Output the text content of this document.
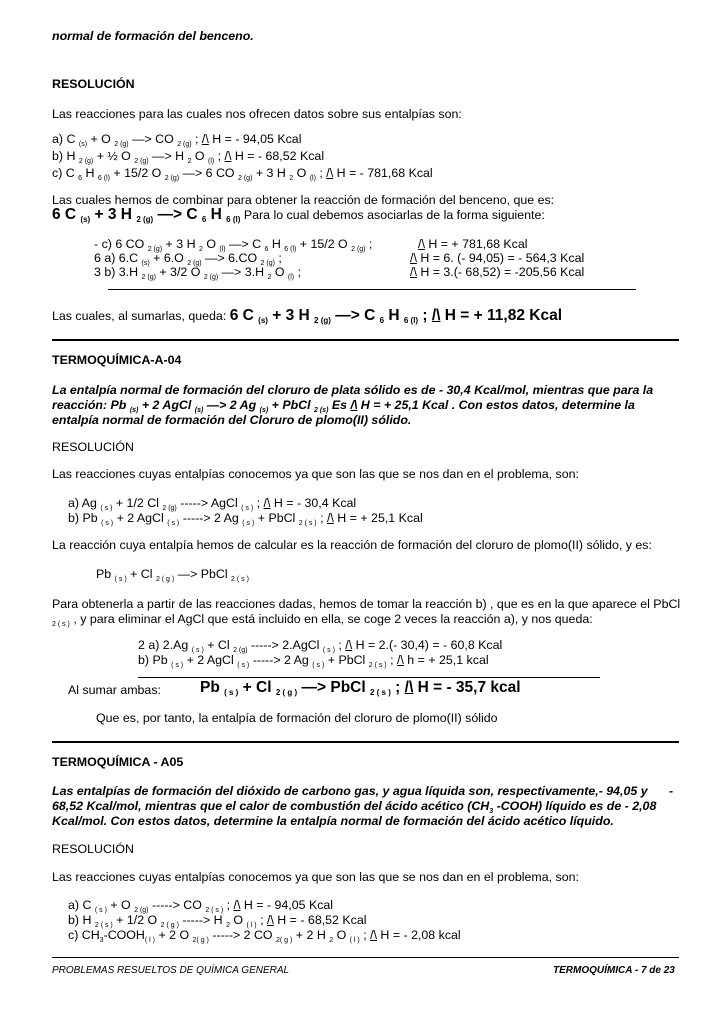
normal de formación del benceno.
RESOLUCIÓN
Las reacciones para las cuales nos ofrecen datos sobre sus entalpías son:
a) C $_{(s)}$ + O $_{2 (g)}$ —> CO $_{2 (g)}$ ; /\ H = - 94,05 Kcal
b) H $_{2 (g)}$ + ½ O $_{2 (g)}$ —> H $_2$ O $_{(l)}$ ; /\ H = - 68,52 Kcal
c) C $_6$ H $_{6 (l)}$ + 15/2 O $_{2 (g)}$ —> 6 CO $_{2 (g)}$ + 3 H $_2$ O $_{(l)}$ ; /\ H = - 781,68 Kcal
Las cuales hemos de combinar para obtener la reacción de formación del benceno, que es:
6 C (s) + 3 H 2 (g) —> C 6 H 6 (l) Para lo cual debemos asociarlas de la forma siguiente:
- c) 6 CO $_{2 (g)}$ + 3 H $_2$ O $_{(l)}$ —> C $_6$ H $_{6 (l)}$ + 15/2 O $_{2 (g)}$ ;	/\ H = + 781,68 Kcal
6 a) 6.C $_{(s)}$ + 6.O $_{2 (g)}$ —> 6.CO $_{2 (g)}$ ;	/\ H = 6. (- 94,05) = - 564,3 Kcal
3 b) 3.H $_{2 (g)}$ + 3/2 O $_{2 (g)}$ —> 3.H $_2$ O $_{(l)}$ ;	/\ H = 3.(- 68,52) = -205,56 Kcal
Las cuales, al sumarlas, queda: 6 C (s) + 3 H 2 (g) —> C 6 H 6 (l) ; /\ H = + 11,82 Kcal
TERMOQUÍMICA-A-04
La entalpía normal de formación del cloruro de plata sólido es de - 30,4 Kcal/mol, mientras que para la
reacción: Pb $_{(s)}$ + 2 AgCl $_{(s)}$ —> 2 Ag $_{(s)}$ + PbCl $_{2 (s)}$ Es /\ H = + 25,1 Kcal . Con estos datos, determine la
entalpía normal de formación del Cloruro de plomo(II) sólido.
RESOLUCIÓN
Las reacciones cuyas entalpías conocemos ya que son las que se nos dan en el problema, son:
a) Ag $_{( s )}$ + 1/2 Cl $_{2 (g)}$ -----> AgCl $_{( s )}$ ; /\ H = - 30,4 Kcal
b) Pb $_{( s )}$ + 2 AgCl $_{( s )}$ -----> 2 Ag $_{( s )}$ + PbCl $_{2 ( s )}$ ; /\ H = + 25,1 Kcal
La reacción cuya entalpía hemos de calcular es la reacción de formación del cloruro de plomo(II) sólido, y es:
Pb $_{( s )}$ + Cl $_{2 ( g )}$ —> PbCl $_{2 ( s )}$
Para obtenerla a partir de las reacciones dadas, hemos de tomar la reacción b) , que es en la que aparece el PbCl
$_{2 ( s )}$ , y para eliminar el AgCl que está incluido en ella, se coge 2 veces la reacción a), y nos queda:
2 a) 2.Ag $_{( s )}$ + Cl $_{2 (g)}$ -----> 2.AgCl $_{( s )}$ ; /\ H = 2.(- 30,4) = - 60,8 Kcal
b) Pb $_{( s )}$ + 2 AgCl $_{( s )}$ -----> 2 Ag $_{( s )}$ + PbCl $_{2 ( s )}$ ; /\ h = + 25,1 kcal
Al sumar ambas:	Pb ( s ) + Cl 2 ( g ) —> PbCl 2 ( s ) ; /\ H = - 35,7 kcal
Que es, por tanto, la entalpía de formación del cloruro de plomo(II) sólido
TERMOQUÍMICA - A05
Las entalpías de formación del dióxido de carbono gas, y agua líquida son, respectivamente,- 94,05 y -
68,52 Kcal/mol, mientras que el calor de combustión del ácido acético ($CH_3$ -COOH) líquido es de - 2,08
Kcal/mol. Con estos datos, determine la entalpía normal de formación del ácido acético líquido.
RESOLUCIÓN
Las reacciones cuyas entalpías conocemos ya que son las que se nos dan en el problema, son:
a) C $_{( s )}$ + O $_{2 (g)}$ -----> CO $_{2 ( s )}$ ; /\ H = - 94,05 Kcal
b) H $_{2 ( s )}$ + 1/2 O $_{2 ( g )}$ -----> H $_2$ O $_{( l )}$ ; /\ H = - 68,52 Kcal
c) $CH_3-COOH_{( l )} + 2$ O $_{2( g )}$ -----> 2 CO $_{2( g )}$ + 2 H $_2$ O $_{( l )}$ ; /\ H = - 2,08 kcal
PROBLEMAS RESUELTOS DE QUÍMICA GENERAL	TERMOQUÍMICA - 7 de 23
